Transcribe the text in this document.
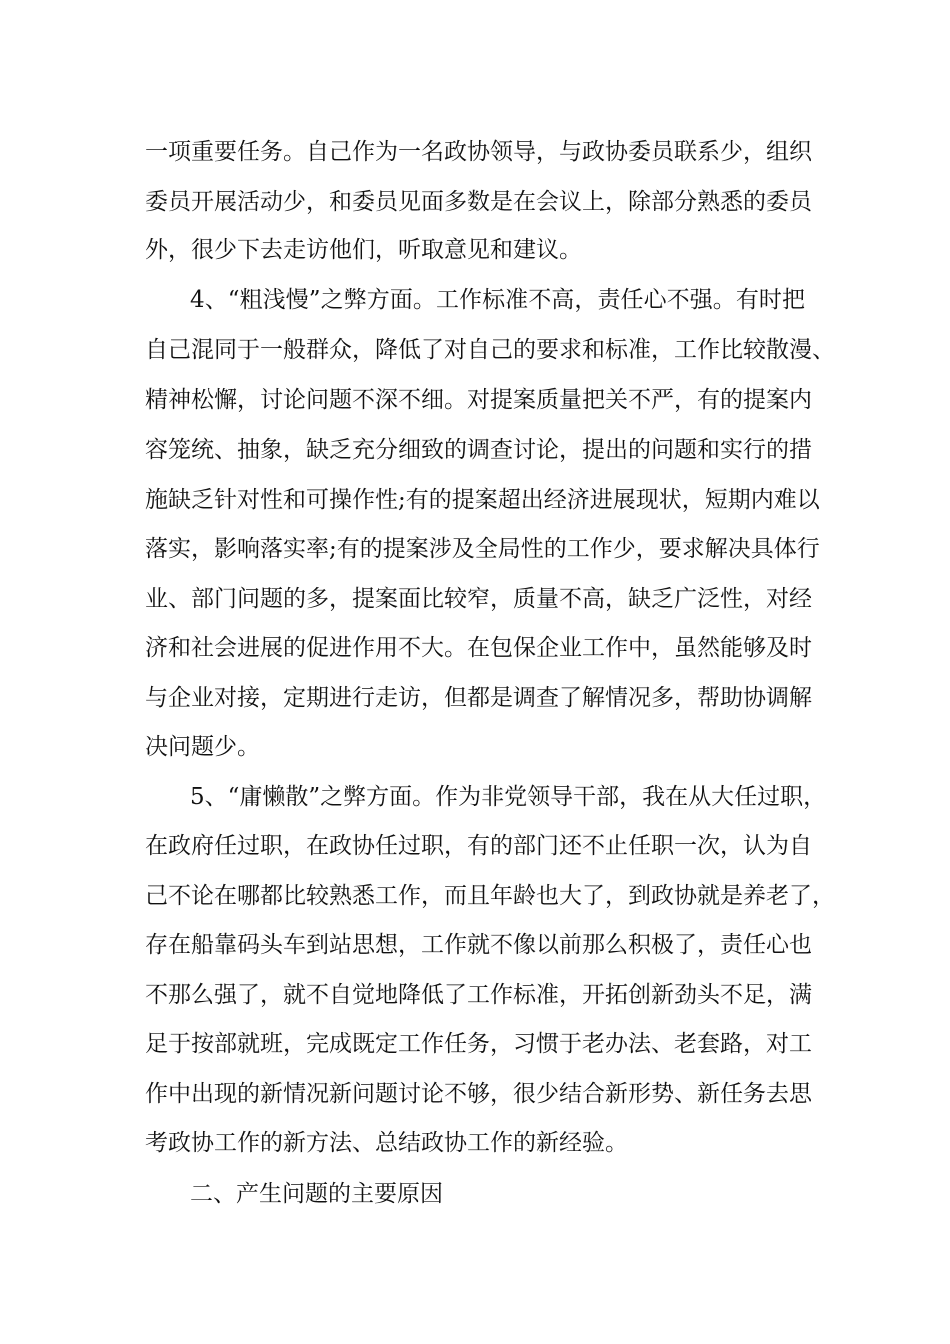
一项重要任务。自己作为一名政协领导，与政协委员联系少，组织
委员开展活动少，和委员见面多数是在会议上，除部分熟悉的委员
外，很少下去走访他们，听取意见和建议。
4、“粗浅慢”之弊方面。工作标准不高，责任心不强。有时把
自己混同于一般群众，降低了对自己的要求和标准，工作比较散漫、
精神松懈，讨论问题不深不细。对提案质量把关不严，有的提案内
容笼统、抽象，缺乏充分细致的调查讨论，提出的问题和实行的措
施缺乏针对性和可操作性;有的提案超出经济进展现状，短期内难以
落实，影响落实率;有的提案涉及全局性的工作少，要求解决具体行
业、部门问题的多，提案面比较窄，质量不高，缺乏广泛性，对经
济和社会进展的促进作用不大。在包保企业工作中，虽然能够及时
与企业对接，定期进行走访，但都是调查了解情况多，帮助协调解
决问题少。
5、“庸懒散”之弊方面。作为非党领导干部，我在从大任过职，
在政府任过职，在政协任过职，有的部门还不止任职一次，认为自
己不论在哪都比较熟悉工作，而且年龄也大了，到政协就是养老了，
存在船靠码头车到站思想，工作就不像以前那么积极了，责任心也
不那么强了，就不自觉地降低了工作标准，开拓创新劲头不足，满
足于按部就班，完成既定工作任务，习惯于老办法、老套路，对工
作中出现的新情况新问题讨论不够，很少结合新形势、新任务去思
考政协工作的新方法、总结政协工作的新经验。
二、产生问题的主要原因
